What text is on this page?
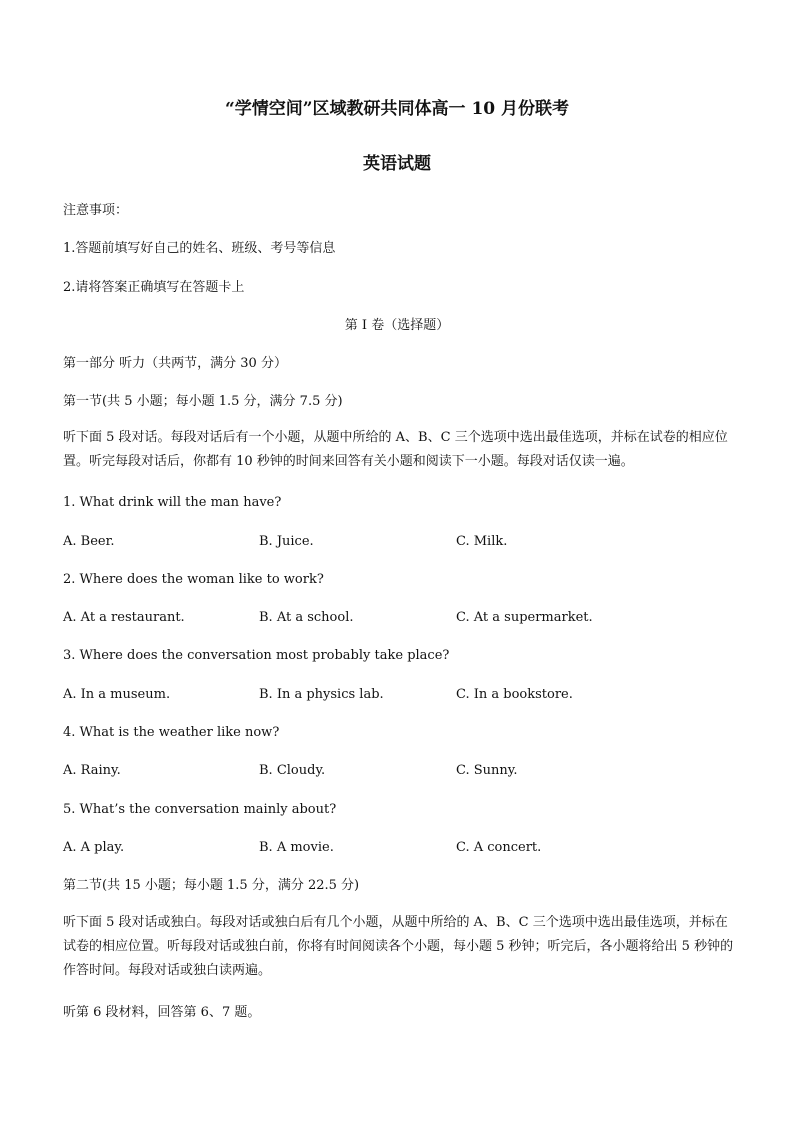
“学情空间”区域教研共同体高一 10 月份联考
英语试题
注意事项：
1.答题前填写好自己的姓名、班级、考号等信息
2.请将答案正确填写在答题卡上
第 I 卷（选择题）
第一部分 听力（共两节，满分 30 分）
第一节(共 5 小题；每小题 1.5 分，满分 7.5 分)
听下面 5 段对话。每段对话后有一个小题，从题中所给的 A、B、C 三个选项中选出最佳选项，并标在试卷的相应位置。听完每段对话后，你都有 10 秒钟的时间来回答有关小题和阅读下一小题。每段对话仅读一遍。
1. What drink will the man have?
A. Beer.	B. Juice.	C. Milk.
2. Where does the woman like to work?
A. At a restaurant.	B. At a school.	C. At a supermarket.
3. Where does the conversation most probably take place?
A. In a museum.	B. In a physics lab.	C. In a bookstore.
4. What is the weather like now?
A. Rainy.	B. Cloudy.	C. Sunny.
5. What’s the conversation mainly about?
A. A play.	B. A movie.	C. A concert.
第二节(共 15 小题；每小题 1.5 分，满分 22.5 分)
听下面 5 段对话或独白。每段对话或独白后有几个小题，从题中所给的 A、B、C 三个选项中选出最佳选项，并标在试卷的相应位置。听每段对话或独白前，你将有时间阅读各个小题，每小题 5 秒钟；听完后，各小题将给出 5 秒钟的作答时间。每段对话或独白读两遍。
听第 6 段材料，回答第 6、7 题。
